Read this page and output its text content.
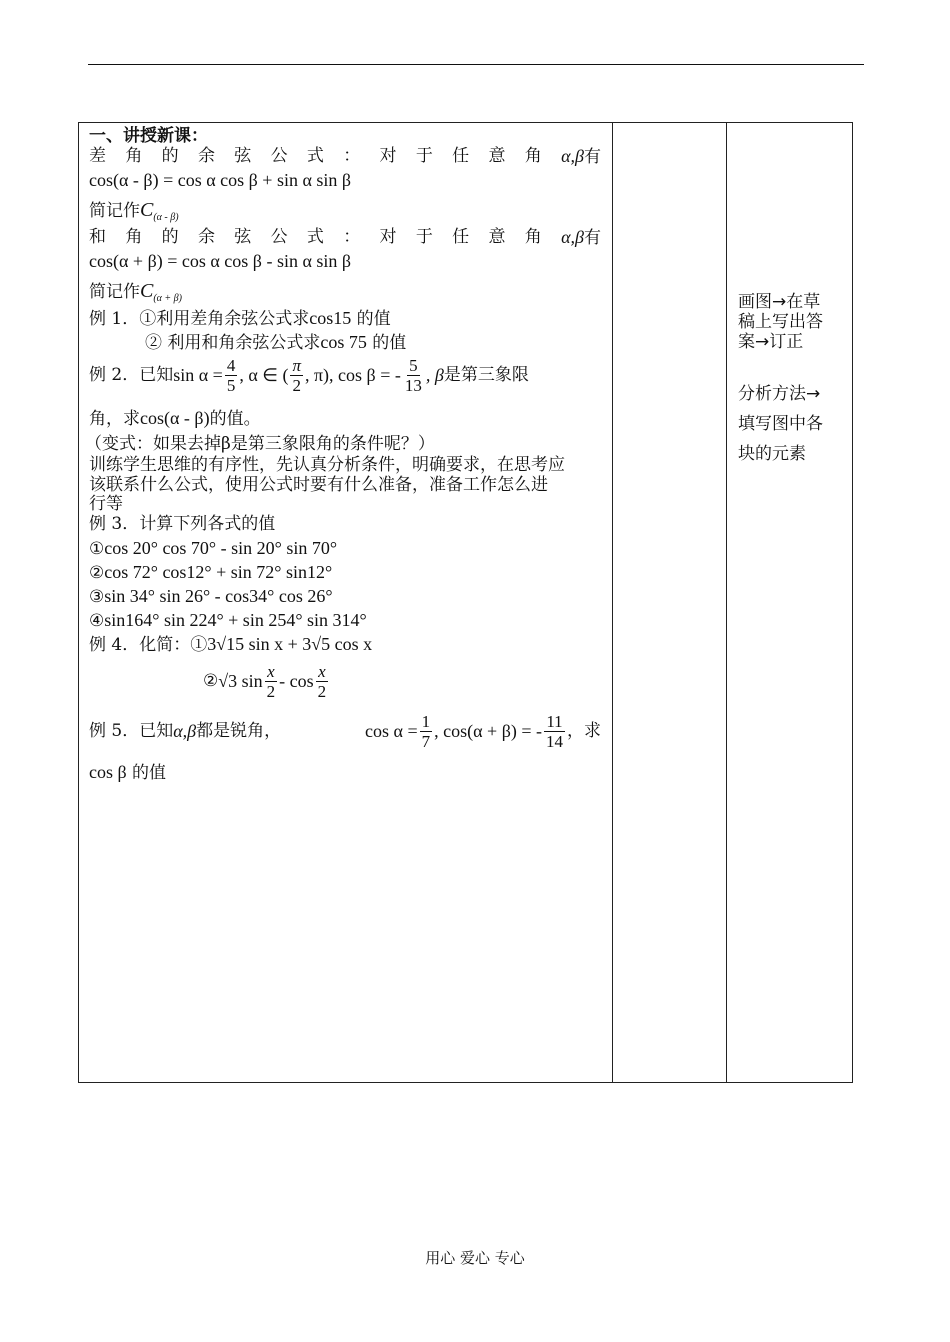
一、讲授新课：
差 角 的 余 弦 公 式 ： 对 于 任 意 角 α,β有
cos(α - β) = cos α cos β + sin α sin β
简记作$C_{(\alpha - \beta)}$
和 角 的 余 弦 公 式 ： 对 于 任 意 角 α,β有
cos(α + β) = cos α cos β - sin α sin β
简记作$C_{(\alpha + \beta)}$
例 1．①利用差角余弦公式求cos15 的值
② 利用和角余弦公式求cos 75 的值
例 2．已知 $\sin \alpha = \frac{4}{5}$ , α ∈ ( $\frac{\pi}{2}$ , π), cos β = - $\frac{5}{13}$ , β 是第三象限
角，求cos(α - β)的值。
（变式：如果去掉β是第三象限角的条件呢？）
训练学生思维的有序性，先认真分析条件，明确要求，在思考应
该联系什么公式，使用公式时要有什么准备，准备工作怎么进
行等
例 3．计算下列各式的值
①cos 20° cos 70° - sin 20° sin 70°
②cos 72° cos12° + sin 72° sin12°
③sin 34° sin 26° - cos34° cos 26°
④sin164° sin 224° + sin 254° sin 314°
例 4．化简：①3√15 sin x + 3√5 cos x
② √3 $\sin \frac{x}{2}$ - $\cos \frac{x}{2}$
例 5．已知 α,β 都是锐角，	$\cos \alpha = \frac{1}{7}$ , cos(α + β) = - $\frac{11}{14}$ ，求
cos β 的值
画图→在草
稿上写出答
案→订正
分析方法→
填写图中各
块的元素
用心 爱心 专心
